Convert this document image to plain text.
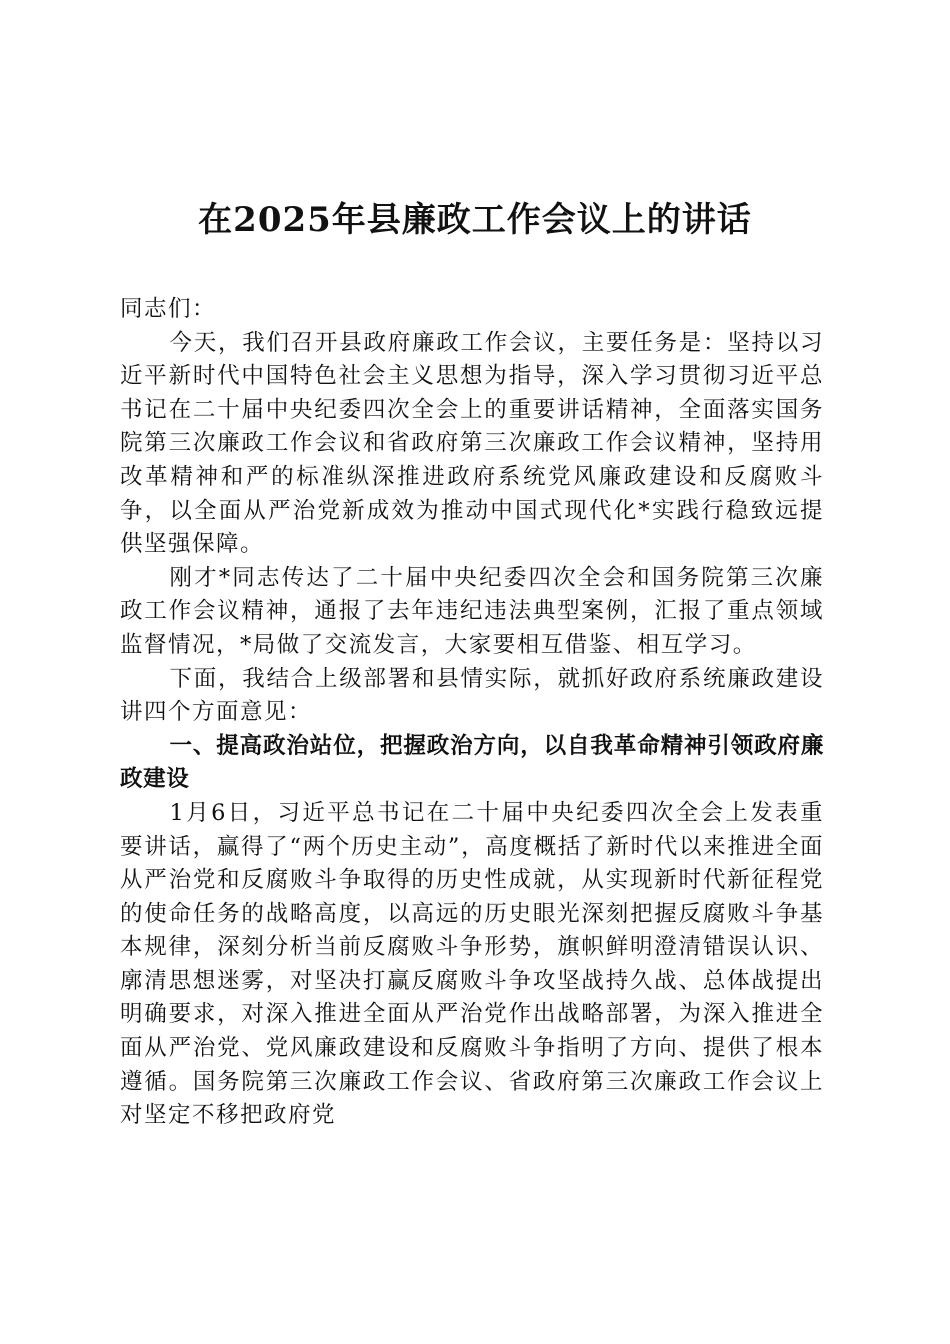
在2025年县廉政工作会议上的讲话

同志们：

今天，我们召开县政府廉政工作会议，主要任务是：坚持以习近平新时代中国特色社会主义思想为指导，深入学习贯彻习近平总书记在二十届中央纪委四次全会上的重要讲话精神，全面落实国务院第三次廉政工作会议和省政府第三次廉政工作会议精神，坚持用改革精神和严的标准纵深推进政府系统党风廉政建设和反腐败斗争，以全面从严治党新成效为推动中国式现代化*实践行稳致远提供坚强保障。

刚才*同志传达了二十届中央纪委四次全会和国务院第三次廉政工作会议精神，通报了去年违纪违法典型案例，汇报了重点领域监督情况，*局做了交流发言，大家要相互借鉴、相互学习。

下面，我结合上级部署和县情实际，就抓好政府系统廉政建设讲四个方面意见：

一、提高政治站位，把握政治方向，以自我革命精神引领政府廉政建设

1月6日，习近平总书记在二十届中央纪委四次全会上发表重要讲话，赢得了“两个历史主动”，高度概括了新时代以来推进全面从严治党和反腐败斗争取得的历史性成就，从实现新时代新征程党的使命任务的战略高度，以高远的历史眼光深刻把握反腐败斗争基本规律，深刻分析当前反腐败斗争形势，旗帜鲜明澄清错误认识、廓清思想迷雾，对坚决打赢反腐败斗争攻坚战持久战、总体战提出明确要求，对深入推进全面从严治党作出战略部署，为深入推进全面从严治党、党风廉政建设和反腐败斗争指明了方向、提供了根本遵循。国务院第三次廉政工作会议、省政府第三次廉政工作会议上对坚定不移把政府党
